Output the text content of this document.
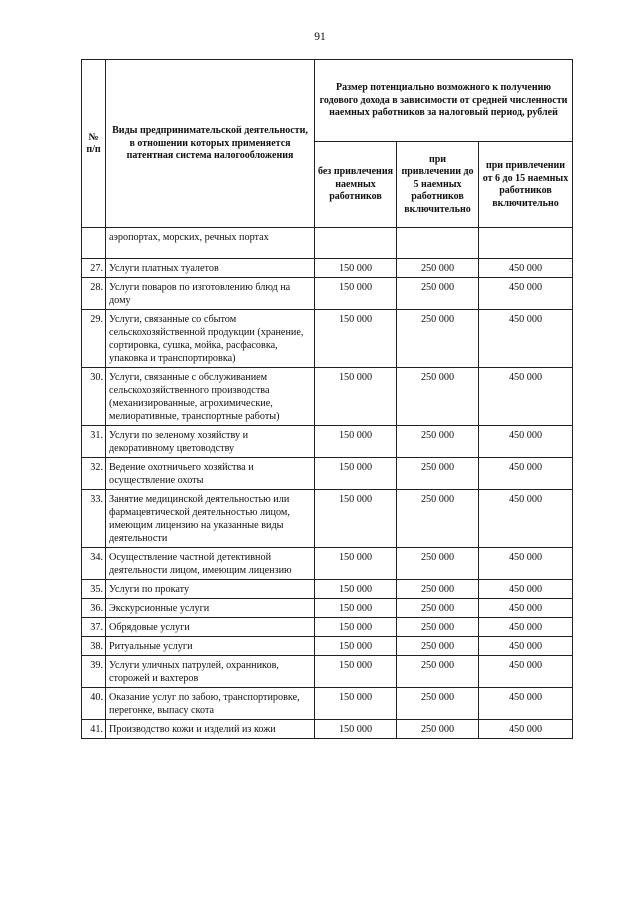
91
№ п/п	Виды предпринимательской деятельности, в отношении которых применяется патентная система налогообложения	Размер потенциально возможного к получению годового дохода в зависимости от средней численности наемных работников за налоговый период, рублей		
		без привлечения наемных работников	при привлечении до 5 наемных работников включительно	при привлечении от 6 до 15 наемных работников включительно
	аэропортах, морских, речных портах			
27.	Услуги платных туалетов	150 000	250 000	450 000
28.	Услуги поваров по изготовлению блюд на дому	150 000	250 000	450 000
29.	Услуги, связанные со сбытом сельскохозяйственной продукции (хранение, сортировка, сушка, мойка, расфасовка, упаковка и транспортировка)	150 000	250 000	450 000
30.	Услуги, связанные с обслуживанием сельскохозяйственного производства (механизированные, агрохимические, мелиоративные, транспортные работы)	150 000	250 000	450 000
31.	Услуги по зеленому хозяйству и декоративному цветоводству	150 000	250 000	450 000
32.	Ведение охотничьего хозяйства и осуществление охоты	150 000	250 000	450 000
33.	Занятие медицинской деятельностью или фармацевтической деятельностью лицом, имеющим лицензию на указанные виды деятельности	150 000	250 000	450 000
34.	Осуществление частной детективной деятельности лицом, имеющим лицензию	150 000	250 000	450 000
35.	Услуги по прокату	150 000	250 000	450 000
36.	Экскурсионные услуги	150 000	250 000	450 000
37.	Обрядовые услуги	150 000	250 000	450 000
38.	Ритуальные услуги	150 000	250 000	450 000
39.	Услуги уличных патрулей, охранников, сторожей и вахтеров	150 000	250 000	450 000
40.	Оказание услуг по забою, транспортировке, перегонке, выпасу скота	150 000	250 000	450 000
41.	Производство кожи и изделий из кожи	150 000	250 000	450 000
